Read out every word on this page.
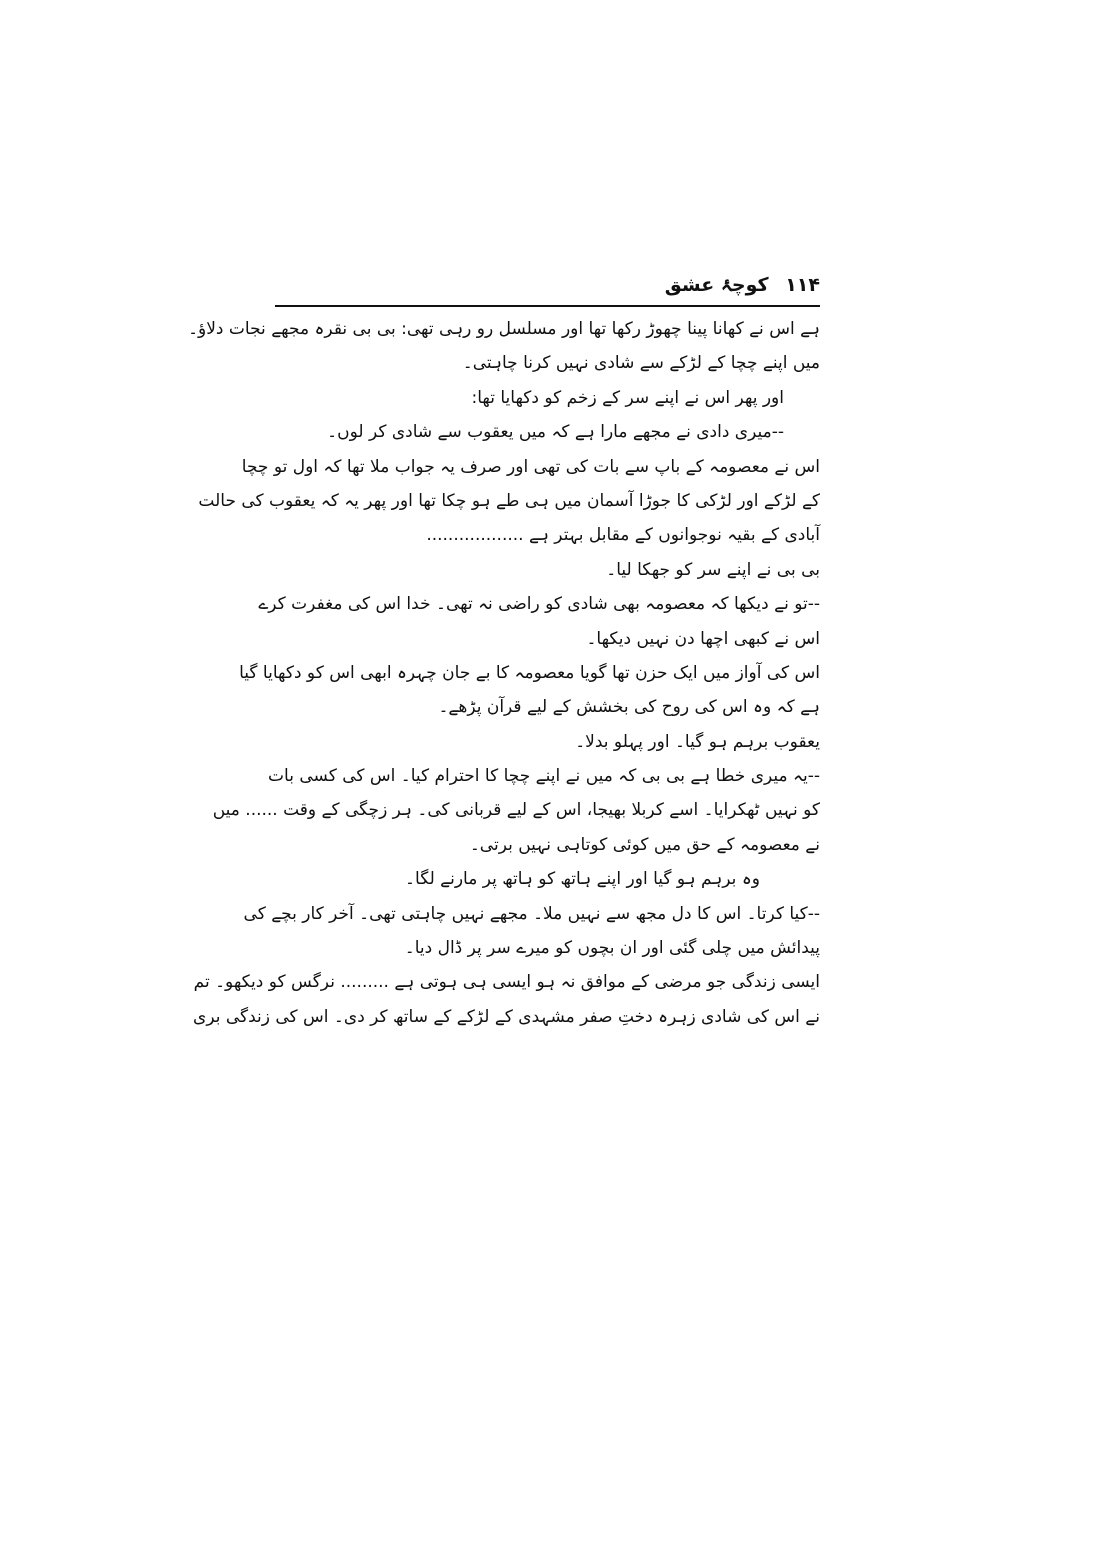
۱۱۴ کوچۂ عشق
ہے اس نے کھانا پینا چھوڑ رکھا تھا اور مسلسل رو رہی تھی: بی بی نقرہ مجھے نجات دلاؤ۔
میں اپنے چچا کے لڑکے سے شادی نہیں کرنا چاہتی۔
اور پھر اس نے اپنے سر کے زخم کو دکھایا تھا:
--میری دادی نے مجھے مارا ہے کہ میں یعقوب سے شادی کر لوں۔
اس نے معصومہ کے باپ سے بات کی تھی اور صرف یہ جواب ملا تھا کہ اول تو چچا
کے لڑکے اور لڑکی کا جوڑا آسمان میں ہی طے ہو چکا تھا اور پھر یہ کہ یعقوب کی حالت
آبادی کے بقیہ نوجوانوں کے مقابل بہتر ہے ..................
بی بی نے اپنے سر کو جھکا لیا۔
--تو نے دیکھا کہ معصومہ بھی شادی کو راضی نہ تھی۔ خدا اس کی مغفرت کرے
اس نے کبھی اچھا دن نہیں دیکھا۔
اس کی آواز میں ایک حزن تھا گویا معصومہ کا بے جان چہرہ ابھی اس کو دکھایا گیا
ہے کہ وہ اس کی روح کی بخشش کے لیے قرآن پڑھے۔
یعقوب برہم ہو گیا۔ اور پہلو بدلا۔
--یہ میری خطا ہے بی بی کہ میں نے اپنے چچا کا احترام کیا۔ اس کی کسی بات
کو نہیں ٹھکرایا۔ اسے کربلا بھیجا، اس کے لیے قربانی کی۔ ہر زچگی کے وقت ...... میں
نے معصومہ کے حق میں کوئی کوتاہی نہیں برتی۔
وہ برہم ہو گیا اور اپنے ہاتھ کو ہاتھ پر مارنے لگا۔
--کیا کرتا۔ اس کا دل مجھ سے نہیں ملا۔ مجھے نہیں چاہتی تھی۔ آخر کار بچے کی
پیدائش میں چلی گئی اور ان بچوں کو میرے سر پر ڈال دیا۔
ایسی زندگی جو مرضی کے موافق نہ ہو ایسی ہی ہوتی ہے ......... نرگس کو دیکھو۔ تم
نے اس کی شادی زہرہ دختِ صفر مشہدی کے لڑکے کے ساتھ کر دی۔ اس کی زندگی بری
